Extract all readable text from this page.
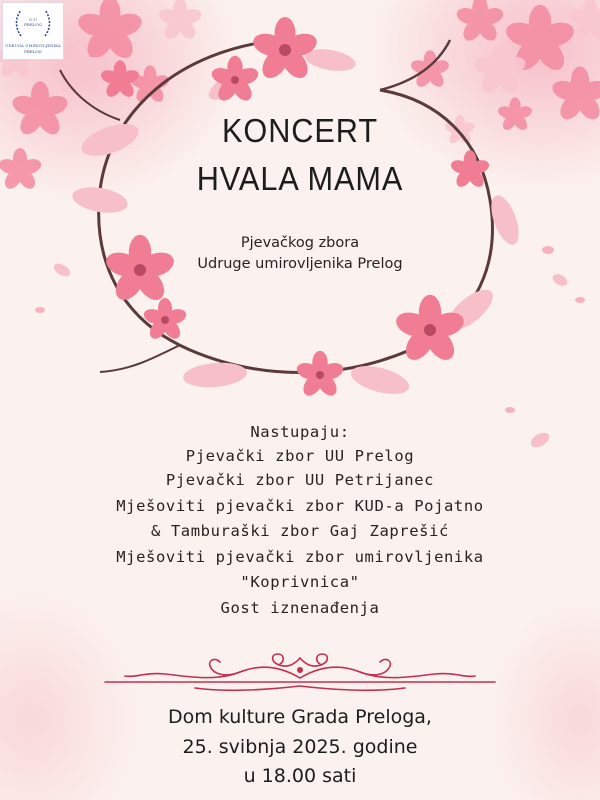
U.U
PRELOG
UDRUGA UMIROVLJENIKA
PRELOG
KONCERT
HVALA MAMA
Pjevačkog zbora
Udruge umirovljenika Prelog
Nastupaju:
Pjevački zbor UU Prelog
Pjevački zbor UU Petrijanec
Mješoviti pjevački zbor KUD-a Pojatno
& Tamburaški zbor Gaj Zaprešić
Mješoviti pjevački zbor umirovljenika
"Koprivnica"
Gost iznenađenja
Dom kulture Grada Preloga,
25. svibnja 2025. godine
u 18.00 sati
